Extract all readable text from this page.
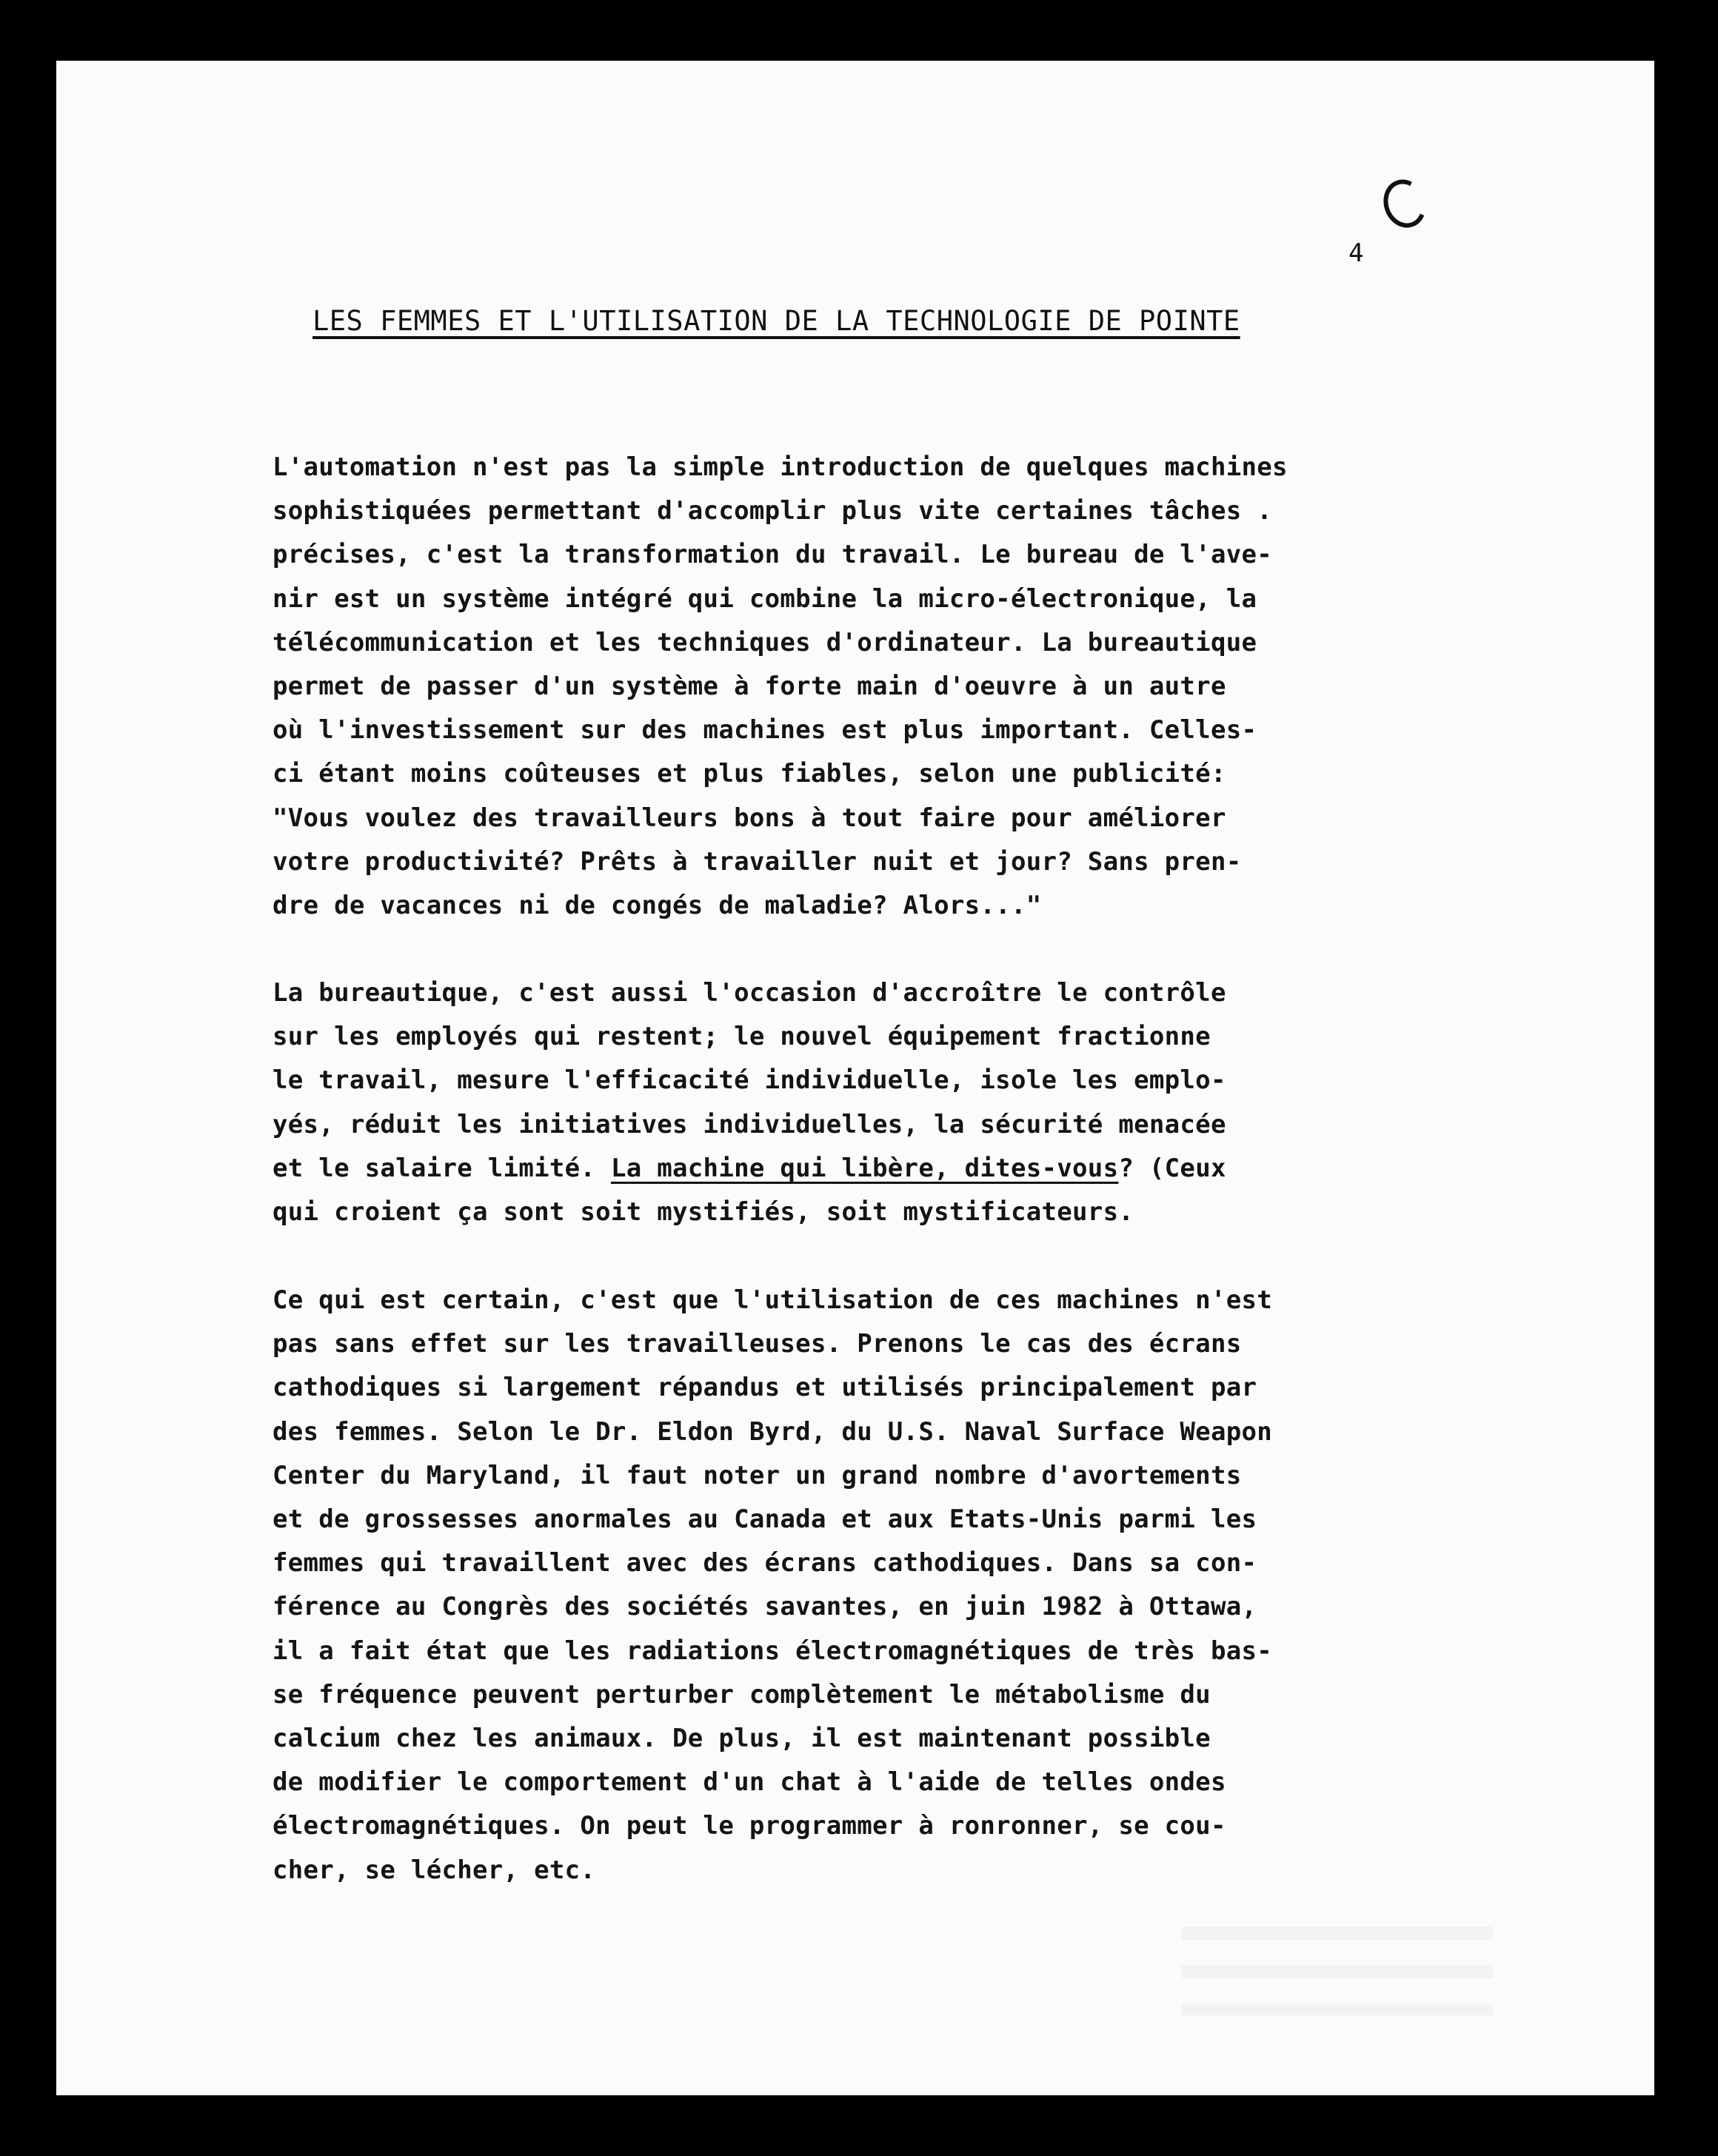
4
LES FEMMES ET L'UTILISATION DE LA TECHNOLOGIE DE POINTE
L'automation n'est pas la simple introduction de quelques machines
sophistiquées permettant d'accomplir plus vite certaines tâches .
précises, c'est la transformation du travail. Le bureau de l'ave-
nir est un système intégré qui combine la micro-électronique, la
télécommunication et les techniques d'ordinateur. La bureautique
permet de passer d'un système à forte main d'oeuvre à un autre
où l'investissement sur des machines est plus important. Celles-
ci étant moins coûteuses et plus fiables, selon une publicité:
"Vous voulez des travailleurs bons à tout faire pour améliorer
votre productivité? Prêts à travailler nuit et jour? Sans pren-
dre de vacances ni de congés de maladie? Alors..."
La bureautique, c'est aussi l'occasion d'accroître le contrôle
sur les employés qui restent; le nouvel équipement fractionne
le travail, mesure l'efficacité individuelle, isole les emplo-
yés, réduit les initiatives individuelles, la sécurité menacée
et le salaire limité. La machine qui libère, dites-vous? (Ceux
qui croient ça sont soit mystifiés, soit mystificateurs.
Ce qui est certain, c'est que l'utilisation de ces machines n'est
pas sans effet sur les travailleuses. Prenons le cas des écrans
cathodiques si largement répandus et utilisés principalement par
des femmes. Selon le Dr. Eldon Byrd, du U.S. Naval Surface Weapon
Center du Maryland, il faut noter un grand nombre d'avortements
et de grossesses anormales au Canada et aux Etats-Unis parmi les
femmes qui travaillent avec des écrans cathodiques. Dans sa con-
férence au Congrès des sociétés savantes, en juin 1982 à Ottawa,
il a fait état que les radiations électromagnétiques de très bas-
se fréquence peuvent perturber complètement le métabolisme du
calcium chez les animaux. De plus, il est maintenant possible
de modifier le comportement d'un chat à l'aide de telles ondes
électromagnétiques. On peut le programmer à ronronner, se cou-
cher, se lécher, etc.
